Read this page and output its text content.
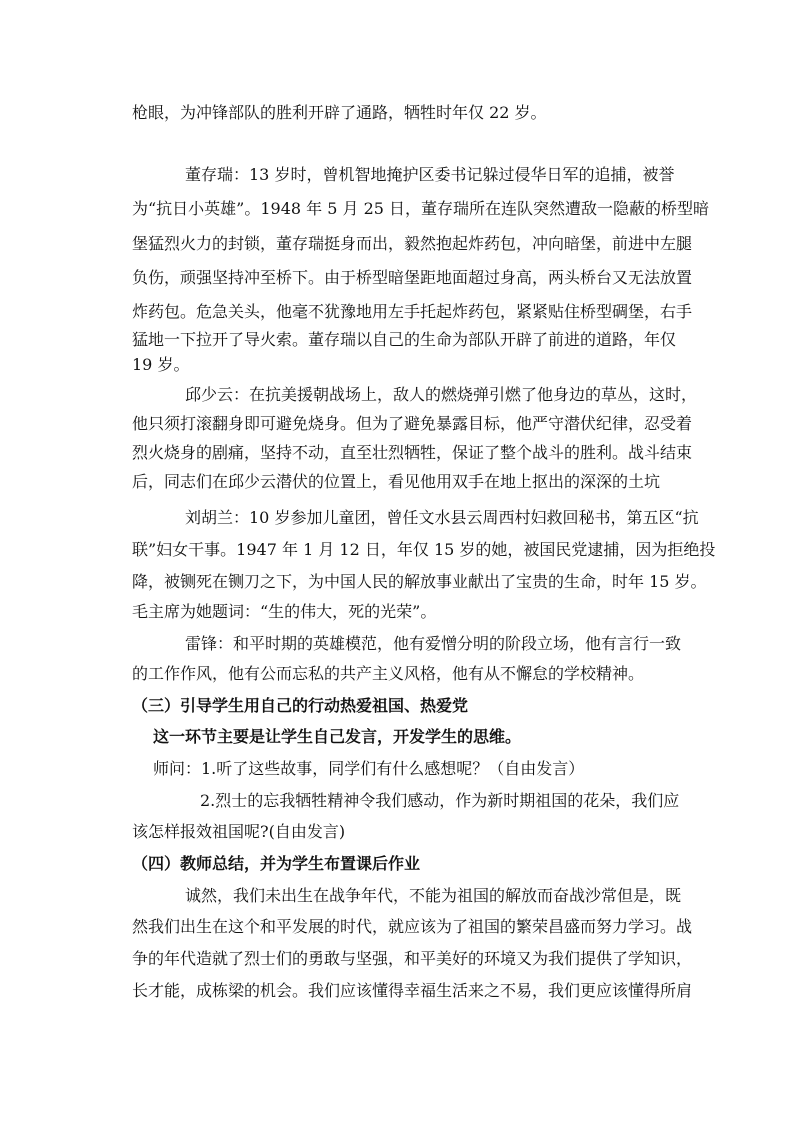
枪眼，为冲锋部队的胜利开辟了通路，牺牲时年仅 22 岁。
董存瑞：13 岁时，曾机智地掩护区委书记躲过侵华日军的追捕，被誉
为“抗日小英雄”。1948 年 5 月 25 日，董存瑞所在连队突然遭敌一隐蔽的桥型暗
堡猛烈火力的封锁，董存瑞挺身而出，毅然抱起炸药包，冲向暗堡，前进中左腿
负伤，顽强坚持冲至桥下。由于桥型暗堡距地面超过身高，两头桥台又无法放置
炸药包。危急关头，他毫不犹豫地用左手托起炸药包，紧紧贴住桥型碉堡，右手
猛地一下拉开了导火索。董存瑞以自己的生命为部队开辟了前进的道路，年仅
19 岁。
邱少云：在抗美援朝战场上，敌人的燃烧弹引燃了他身边的草丛，这时，
他只须打滚翻身即可避免烧身。但为了避免暴露目标，他严守潜伏纪律，忍受着
烈火烧身的剧痛，坚持不动，直至壮烈牺牲，保证了整个战斗的胜利。战斗结束
后，同志们在邱少云潜伏的位置上，看见他用双手在地上抠出的深深的土坑
刘胡兰：10 岁参加儿童团，曾任文水县云周西村妇救回秘书，第五区“抗
联”妇女干事。1947 年 1 月 12 日，年仅 15 岁的她，被国民党逮捕，因为拒绝投
降，被铡死在铡刀之下，为中国人民的解放事业献出了宝贵的生命，时年 15 岁。
毛主席为她题词：“生的伟大，死的光荣”。
雷锋：和平时期的英雄模范，他有爱憎分明的阶段立场，他有言行一致
的工作作风，他有公而忘私的共产主义风格，他有从不懈怠的学校精神。
（三）引导学生用自己的行动热爱祖国、热爱党
这一环节主要是让学生自己发言，开发学生的思维。
师问：1.听了这些故事，同学们有什么感想呢？（自由发言）
2.烈士的忘我牺牲精神令我们感动，作为新时期祖国的花朵，我们应
该怎样报效祖国呢?(自由发言)
（四）教师总结，并为学生布置课后作业
诚然，我们未出生在战争年代，不能为祖国的解放而奋战沙常但是，既
然我们出生在这个和平发展的时代，就应该为了祖国的繁荣昌盛而努力学习。战
争的年代造就了烈士们的勇敢与坚强，和平美好的环境又为我们提供了学知识，
长才能，成栋梁的机会。我们应该懂得幸福生活来之不易，我们更应该懂得所肩
